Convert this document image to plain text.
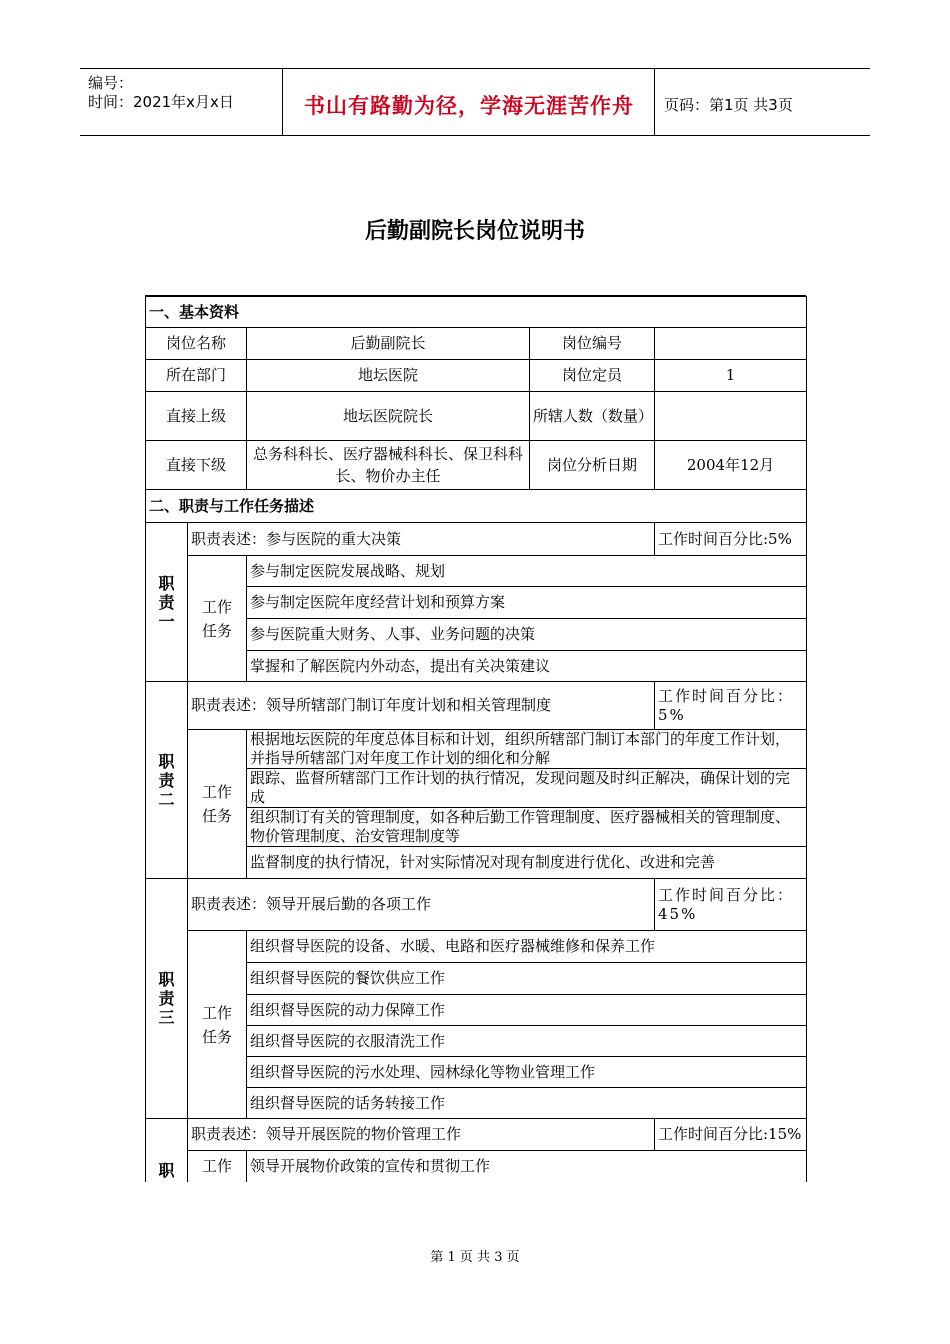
编号：
时间：2021年x月x日	书山有路勤为径，学海无涯苦作舟	页码：第1页 共3页
后勤副院长岗位说明书
一、基本资料				
岗位名称		后勤副院长	岗位编号	
所在部门		地坛医院	岗位定员	1
直接上级		地坛医院院长	所辖人数（数量）	
直接下级		总务科科长、医疗器械科科长、保卫科科长、物价办主任	岗位分析日期	2004年12月
二、职责与工作任务描述				
职责一	职责表述：参与医院的重大决策			工作时间百分比:5%
	工作任务	参与制定医院发展战略、规划		
		参与制定医院年度经营计划和预算方案		
		参与医院重大财务、人事、业务问题的决策		
		掌握和了解医院内外动态，提出有关决策建议		
职责二	职责表述：领导所辖部门制订年度计划和相关管理制度			工作时间百分比：5%
	工作任务	根据地坛医院的年度总体目标和计划，组织所辖部门制订本部门的年度工作计划，并指导所辖部门对年度工作计划的细化和分解		
		跟踪、监督所辖部门工作计划的执行情况，发现问题及时纠正解决，确保计划的完成		
		组织制订有关的管理制度，如各种后勤工作管理制度、医疗器械相关的管理制度、物价管理制度、治安管理制度等		
		监督制度的执行情况，针对实际情况对现有制度进行优化、改进和完善		
职责三	职责表述：领导开展后勤的各项工作			工作时间百分比：45%
	工作任务	组织督导医院的设备、水暖、电路和医疗器械维修和保养工作		
		组织督导医院的餐饮供应工作		
		组织督导医院的动力保障工作		
		组织督导医院的衣服清洗工作		
		组织督导医院的污水处理、园林绿化等物业管理工作		
		组织督导医院的话务转接工作		
职	职责表述：领导开展医院的物价管理工作			工作时间百分比:15%
	工作	领导开展物价政策的宣传和贯彻工作		
第 1 页 共 3 页
